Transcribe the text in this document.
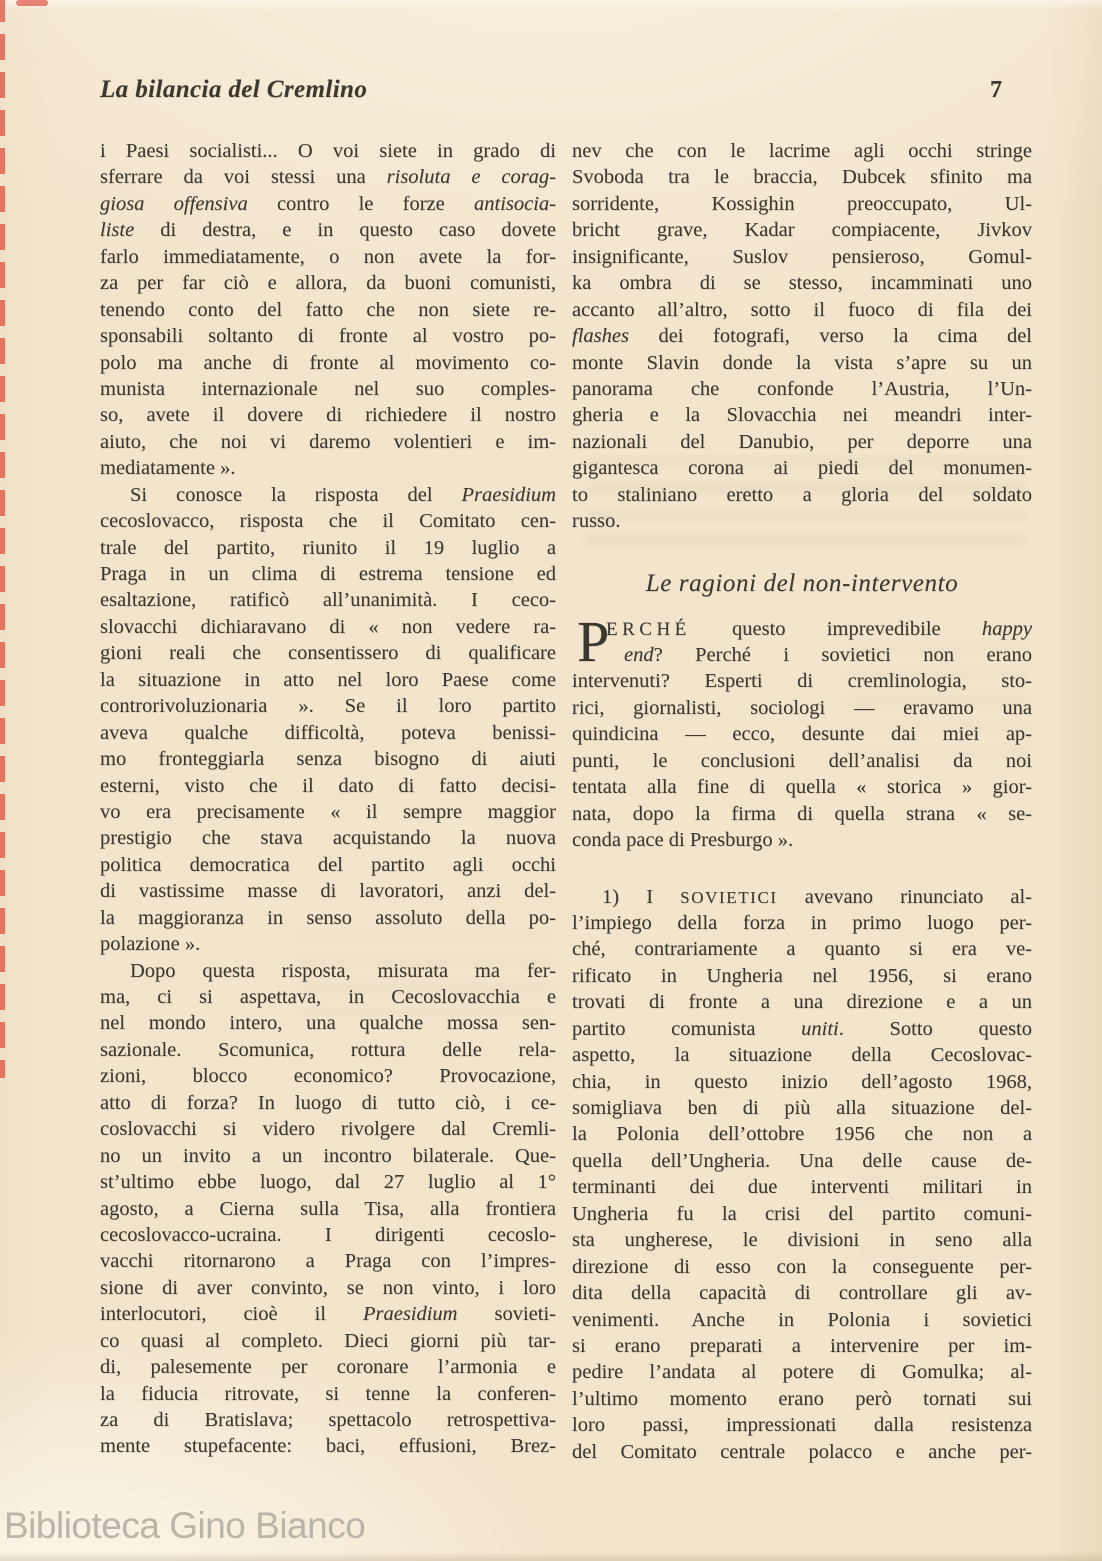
La bilancia del Cremlino	7
i Paesi socialisti... O voi siete in grado di
sferrare da voi stessi una risoluta e corag-
giosa offensiva contro le forze antisocia-
liste di destra, e in questo caso dovete
farlo immediatamente, o non avete la for-
za per far ciò e allora, da buoni comunisti,
tenendo conto del fatto che non siete re-
sponsabili soltanto di fronte al vostro po-
polo ma anche di fronte al movimento co-
munista internazionale nel suo comples-
so, avete il dovere di richiedere il nostro
aiuto, che noi vi daremo volentieri e im-
mediatamente ».
Si conosce la risposta del Praesidium
cecoslovacco, risposta che il Comitato cen-
trale del partito, riunito il 19 luglio a
Praga in un clima di estrema tensione ed
esaltazione, ratificò all’unanimità. I ceco-
slovacchi dichiaravano di « non vedere ra-
gioni reali che consentissero di qualificare
la situazione in atto nel loro Paese come
controrivoluzionaria ». Se il loro partito
aveva qualche difficoltà, poteva benissi-
mo fronteggiarla senza bisogno di aiuti
esterni, visto che il dato di fatto decisi-
vo era precisamente « il sempre maggior
prestigio che stava acquistando la nuova
politica democratica del partito agli occhi
di vastissime masse di lavoratori, anzi del-
la maggioranza in senso assoluto della po-
polazione ».
Dopo questa risposta, misurata ma fer-
ma, ci si aspettava, in Cecoslovacchia e
nel mondo intero, una qualche mossa sen-
sazionale. Scomunica, rottura delle rela-
zioni, blocco economico? Provocazione,
atto di forza? In luogo di tutto ciò, i ce-
coslovacchi si videro rivolgere dal Cremli-
no un invito a un incontro bilaterale. Que-
st’ultimo ebbe luogo, dal 27 luglio al 1°
agosto, a Cierna sulla Tisa, alla frontiera
cecoslovacco-ucraina. I dirigenti cecoslo-
vacchi ritornarono a Praga con l’impres-
sione di aver convinto, se non vinto, i loro
interlocutori, cioè il Praesidium sovieti-
co quasi al completo. Dieci giorni più tar-
di, palesemente per coronare l’armonia e
la fiducia ritrovate, si tenne la conferen-
za di Bratislava; spettacolo retrospettiva-
mente stupefacente: baci, effusioni, Brez-
nev che con le lacrime agli occhi stringe
Svoboda tra le braccia, Dubcek sfinito ma
sorridente, Kossighin preoccupato, Ul-
bricht grave, Kadar compiacente, Jivkov
insignificante, Suslov pensieroso, Gomul-
ka ombra di se stesso, incamminati uno
accanto all’altro, sotto il fuoco di fila dei
flashes dei fotografi, verso la cima del
monte Slavin donde la vista s’apre su un
panorama che confonde l’Austria, l’Un-
gheria e la Slovacchia nei meandri inter-
nazionali del Danubio, per deporre una
gigantesca corona ai piedi del monumen-
to staliniano eretto a gloria del soldato
russo.
Le ragioni del non-intervento
P
ERCHÉ questo imprevedibile happy
end? Perché i sovietici non erano
intervenuti? Esperti di cremlinologia, sto-
rici, giornalisti, sociologi — eravamo una
quindicina — ecco, desunte dai miei ap-
punti, le conclusioni dell’analisi da noi
tentata alla fine di quella « storica » gior-
nata, dopo la firma di quella strana « se-
conda pace di Presburgo ».
1) I SOVIETICI avevano rinunciato al-
l’impiego della forza in primo luogo per-
ché, contrariamente a quanto si era ve-
rificato in Ungheria nel 1956, si erano
trovati di fronte a una direzione e a un
partito comunista uniti. Sotto questo
aspetto, la situazione della Cecoslovac-
chia, in questo inizio dell’agosto 1968,
somigliava ben di più alla situazione del-
la Polonia dell’ottobre 1956 che non a
quella dell’Ungheria. Una delle cause de-
terminanti dei due interventi militari in
Ungheria fu la crisi del partito comuni-
sta ungherese, le divisioni in seno alla
direzione di esso con la conseguente per-
dita della capacità di controllare gli av-
venimenti. Anche in Polonia i sovietici
si erano preparati a intervenire per im-
pedire l’andata al potere di Gomulka; al-
l’ultimo momento erano però tornati sui
loro passi, impressionati dalla resistenza
del Comitato centrale polacco e anche per-
Biblioteca Gino Bianco
